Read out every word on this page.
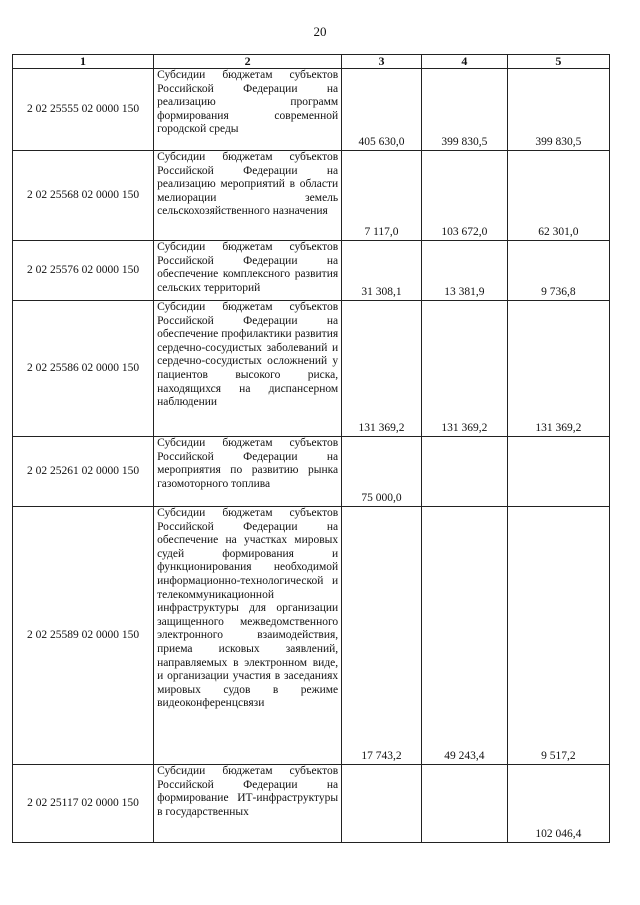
20
1	2	3	4	5
2 02 25555 02 0000 150	Субсидии бюджетам субъектов Российской Федерации на реализацию программ формирования современной городской среды	405 630,0	399 830,5	399 830,5
2 02 25568 02 0000 150	Субсидии бюджетам субъектов Российской Федерации на реализацию мероприятий в области мелиорации земель сельскохозяйственного назначения	7 117,0	103 672,0	62 301,0
2 02 25576 02 0000 150	Субсидии бюджетам субъектов Российской Федерации на обеспечение комплексного развития сельских территорий	31 308,1	13 381,9	9 736,8
2 02 25586 02 0000 150	Субсидии бюджетам субъектов Российской Федерации на обеспечение профилактики развития сердечно-сосудистых заболеваний и сердечно-сосудистых осложнений у пациентов высокого риска, находящихся на диспансерном наблюдении	131 369,2	131 369,2	131 369,2
2 02 25261 02 0000 150	Субсидии бюджетам субъектов Российской Федерации на мероприятия по развитию рынка газомоторного топлива	75 000,0		
2 02 25589 02 0000 150	Субсидии бюджетам субъектов Российской Федерации на обеспечение на участках мировых судей формирования и функционирования необходимой информационно-технологической и телекоммуникационной инфраструктуры для организации защищенного межведомственного электронного взаимодействия, приема исковых заявлений, направляемых в электронном виде, и организации участия в заседаниях мировых судов в режиме видеоконференцсвязи	17 743,2	49 243,4	9 517,2
2 02 25117 02 0000 150	Субсидии бюджетам субъектов Российской Федерации на формирование ИТ-инфраструктуры в государственных			102 046,4
